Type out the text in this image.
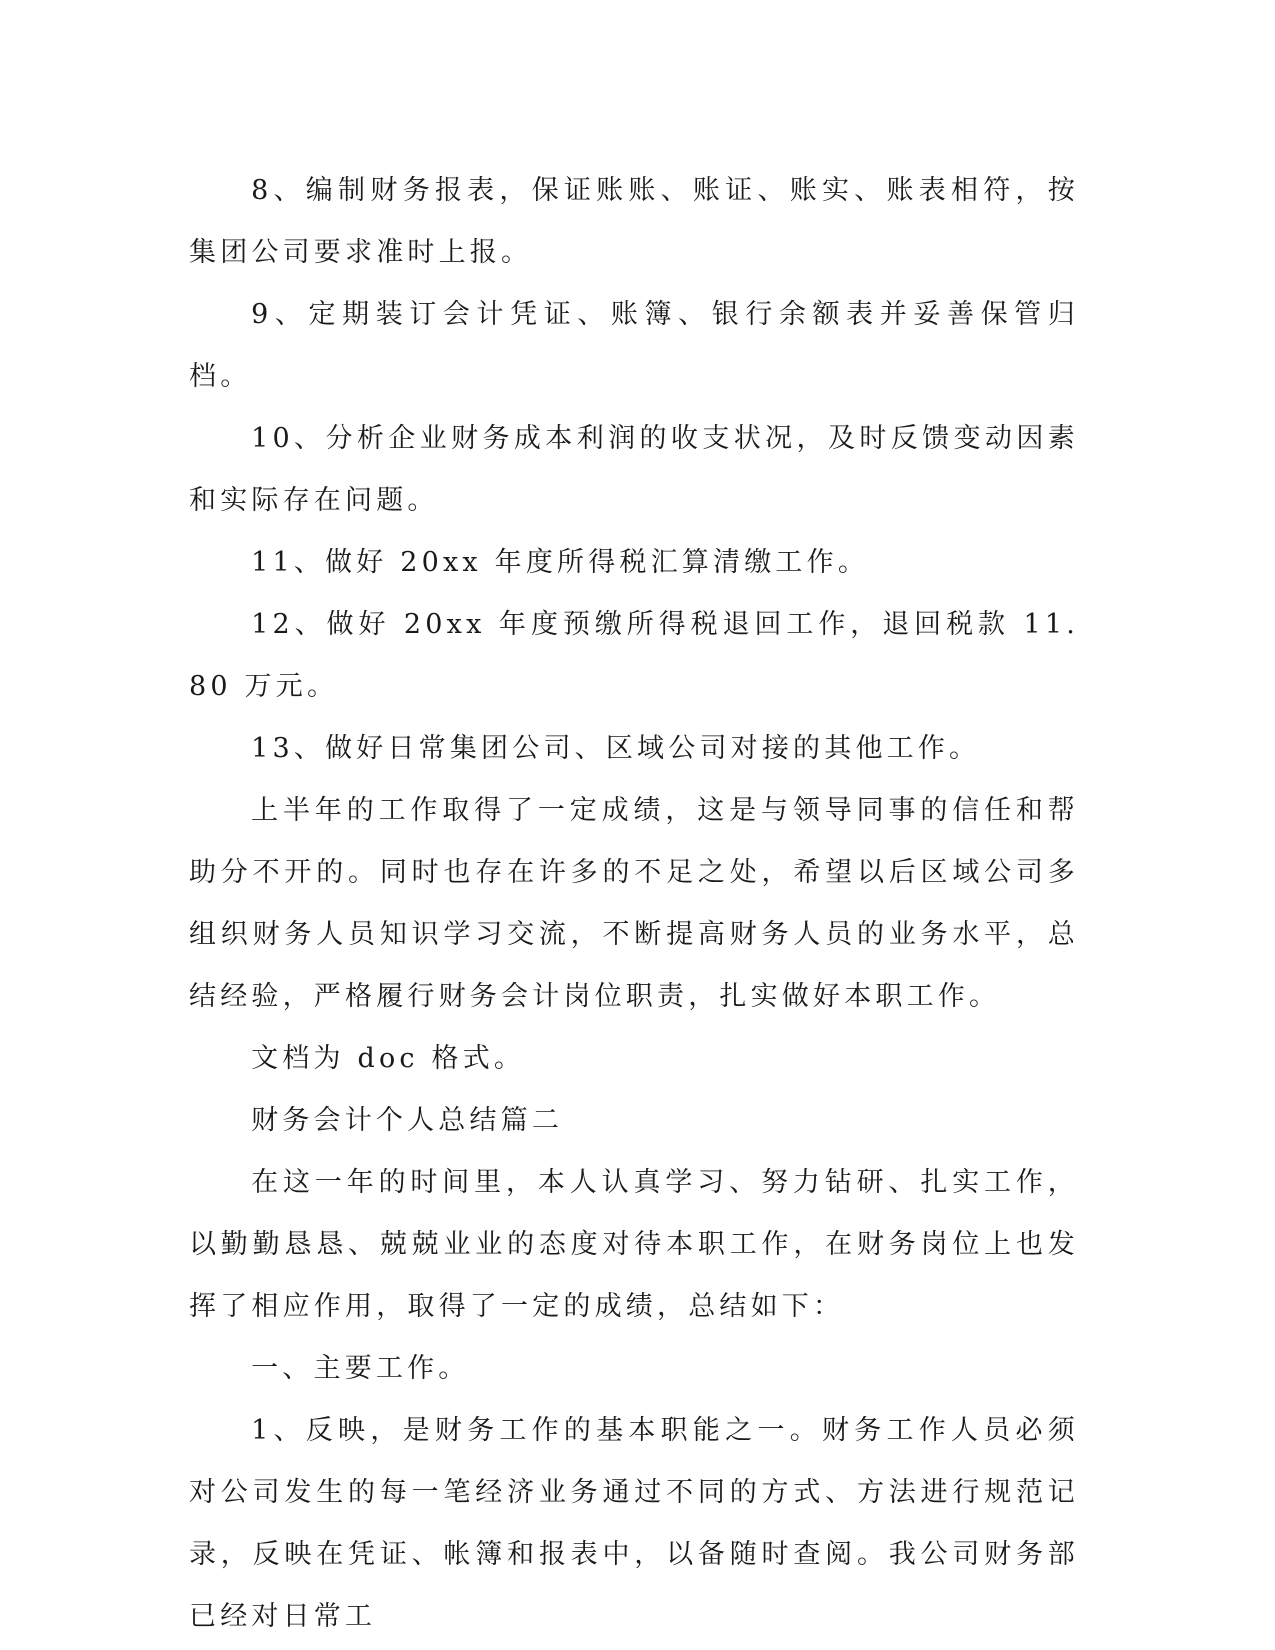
8、编制财务报表，保证账账、账证、账实、账表相符，按集团公司要求准时上报。

9、定期装订会计凭证、账簿、银行余额表并妥善保管归档。

10、分析企业财务成本利润的收支状况，及时反馈变动因素和实际存在问题。

11、做好 20xx 年度所得税汇算清缴工作。

12、做好 20xx 年度预缴所得税退回工作，退回税款 11.80 万元。

13、做好日常集团公司、区域公司对接的其他工作。

上半年的工作取得了一定成绩，这是与领导同事的信任和帮助分不开的。同时也存在许多的不足之处，希望以后区域公司多组织财务人员知识学习交流，不断提高财务人员的业务水平，总结经验，严格履行财务会计岗位职责，扎实做好本职工作。

文档为 doc 格式。

财务会计个人总结篇二

在这一年的时间里，本人认真学习、努力钻研、扎实工作，以勤勤恳恳、兢兢业业的态度对待本职工作，在财务岗位上也发挥了相应作用，取得了一定的成绩，总结如下：

一、主要工作。

1、反映，是财务工作的基本职能之一。财务工作人员必须对公司发生的每一笔经济业务通过不同的方式、方法进行规范记录，反映在凭证、帐簿和报表中，以备随时查阅。我公司财务部已经对日常工
